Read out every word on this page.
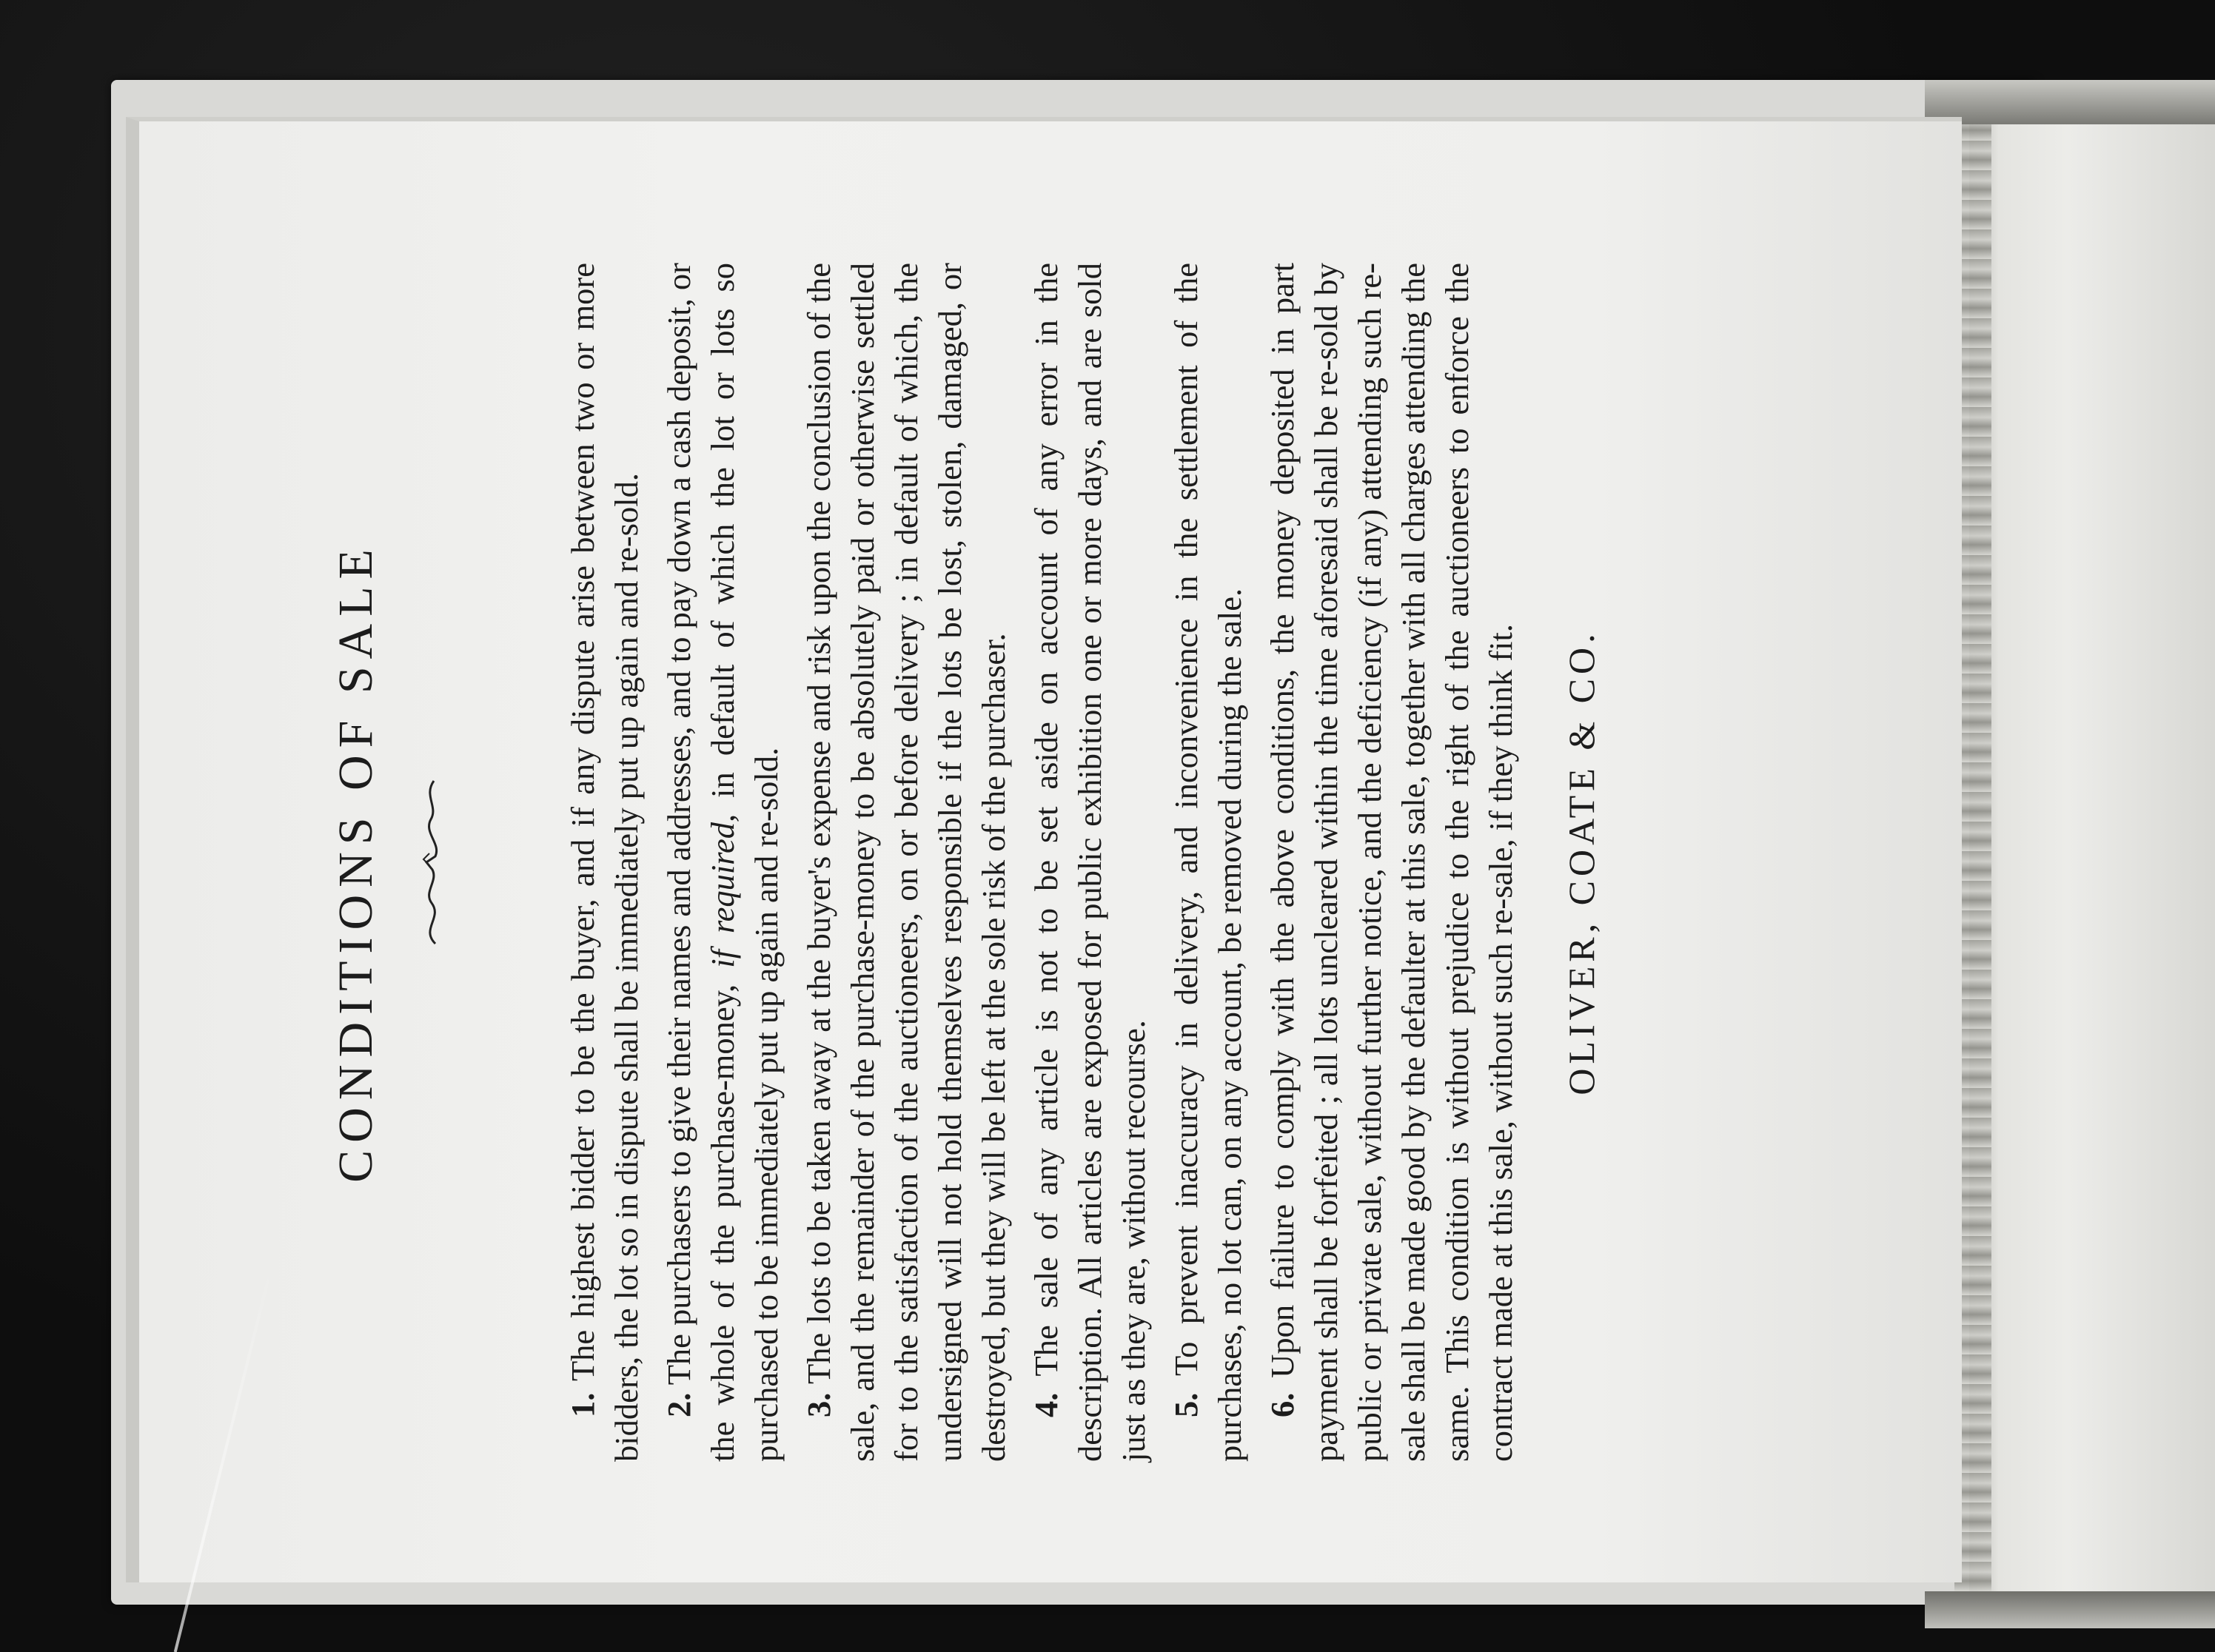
CONDITIONS OF SALE

1. The highest bidder to be the buyer, and if any dispute arise between two or more bidders, the lot so in dispute shall be immediately put up again and re-sold. 2. The purchasers to give their names and addresses, and to pay down a cash deposit, or the whole of the purchase-money, if required, in default of which the lot or lots so purchased to be immediately put up again and re-sold. 3. The lots to be taken away at the buyer's expense and risk upon the conclusion of the sale, and the remainder of the purchase-money to be absolutely paid or otherwise settled for to the satisfaction of the auctioneers, on or before delivery ; in default of which, the undersigned will not hold themselves responsible if the lots be lost, stolen, damaged, or destroyed, but they will be left at the sole risk of the purchaser. 4. The sale of any article is not to be set aside on account of any error in the description. All articles are exposed for public exhibition one or more days, and are sold just as they are, without recourse. 5. To prevent inaccuracy in delivery, and inconvenience in the settlement of the purchases, no lot can, on any account, be removed during the sale. 6. Upon failure to comply with the above conditions, the money deposited in part payment shall be forfeited ; all lots uncleared within the time aforesaid shall be re-sold by public or private sale, without further notice, and the deficiency (if any) attending such re-sale shall be made good by the defaulter at this sale, together with all charges attending the same. This condition is without prejudice to the right of the auctioneers to enforce the contract made at this sale, without such re-sale, if they think fit. OLIVER, COATE & CO.
